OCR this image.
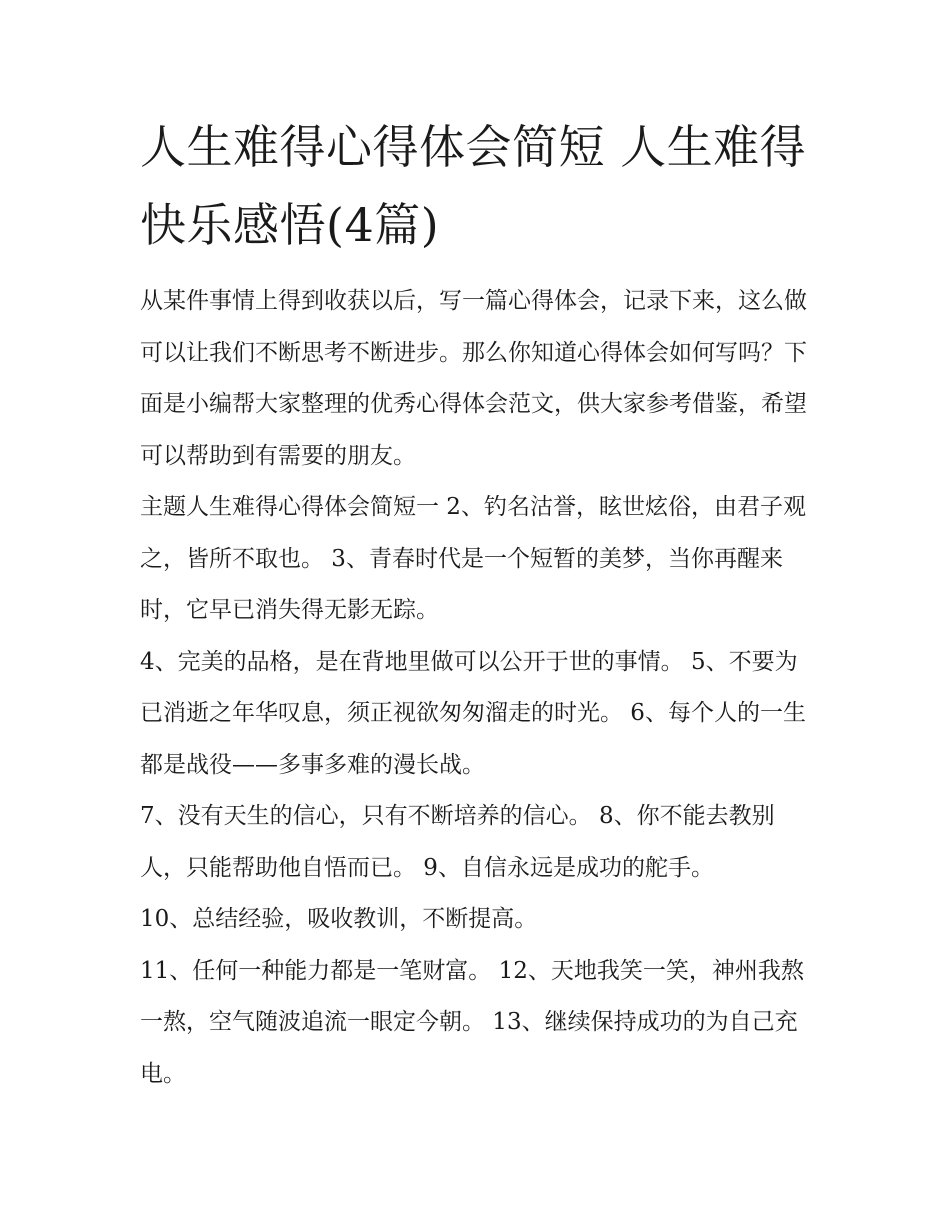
人生难得心得体会简短 人生难得快乐感悟(4篇)

从某件事情上得到收获以后，写一篇心得体会，记录下来，这么做可以让我们不断思考不断进步。那么你知道心得体会如何写吗？下面是小编帮大家整理的优秀心得体会范文，供大家参考借鉴，希望可以帮助到有需要的朋友。

主题人生难得心得体会简短一 2、钓名沽誉，眩世炫俗，由君子观之，皆所不取也。 3、青春时代是一个短暂的美梦，当你再醒来时，它早已消失得无影无踪。

4、完美的品格，是在背地里做可以公开于世的事情。 5、不要为已消逝之年华叹息，须正视欲匆匆溜走的时光。 6、每个人的一生都是战役——多事多难的漫长战。

7、没有天生的信心，只有不断培养的信心。 8、你不能去教别人，只能帮助他自悟而已。 9、自信永远是成功的舵手。

10、总结经验，吸收教训，不断提高。

11、任何一种能力都是一笔财富。 12、天地我笑一笑，神州我熬一熬，空气随波追流一眼定今朝。 13、继续保持成功的为自己充电。
